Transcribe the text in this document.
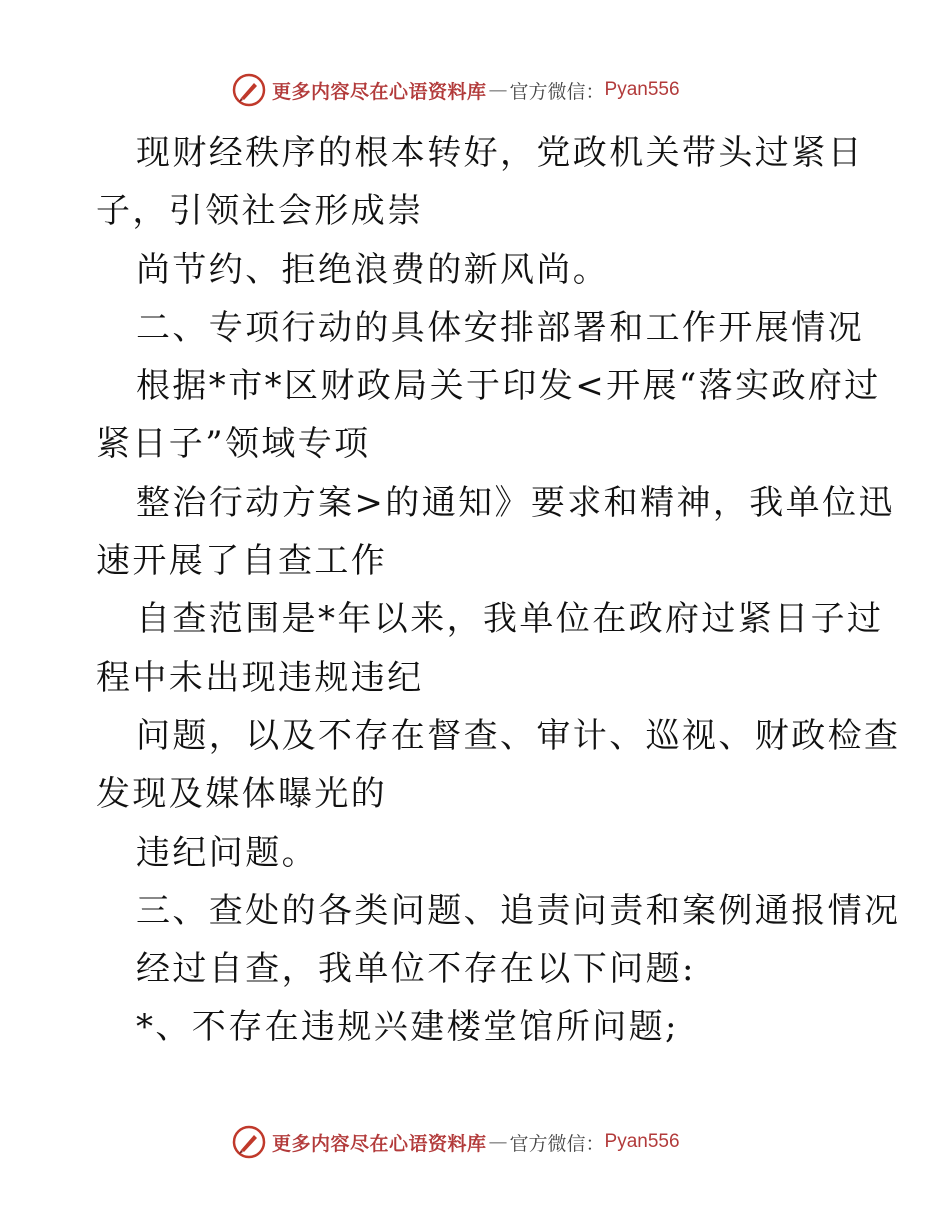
更多内容尽在心语资料库 — 官方微信： Pyan556
现财经秩序的根本转好，党政机关带头过紧日
子，引领社会形成崇
尚节约、拒绝浪费的新风尚。
二、专项行动的具体安排部署和工作开展情况
根据*市*区财政局关于印发<开展“落实政府过
紧日子”领域专项
整治行动方案>的通知》要求和精神，我单位迅
速开展了自查工作
自查范围是*年以来，我单位在政府过紧日子过
程中未出现违规违纪
问题，以及不存在督查、审计、巡视、财政检查
发现及媒体曝光的
违纪问题。
三、查处的各类问题、追责问责和案例通报情况
经过自查，我单位不存在以下问题:
*、不存在违规兴建楼堂馆所问题;
更多内容尽在心语资料库 — 官方微信： Pyan556
